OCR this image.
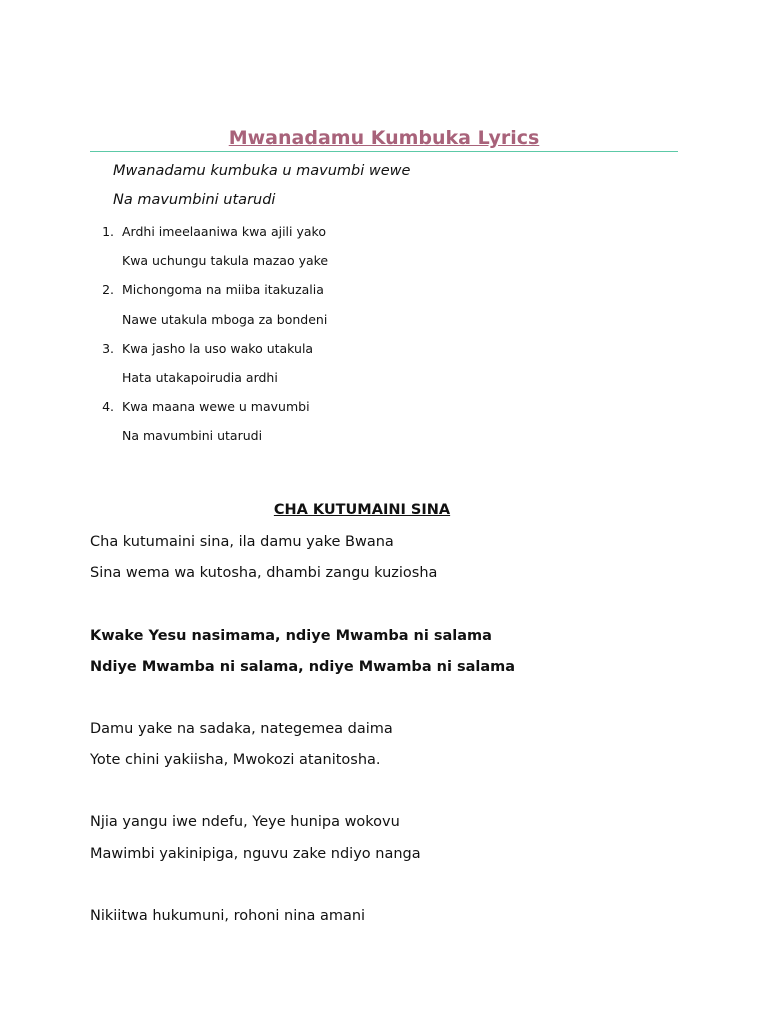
Mwanadamu Kumbuka Lyrics

Mwanadamu kumbuka u mavumbi wewe

Na mavumbini utarudi

1. Ardhi imeelaaniwa kwa ajili yako
Kwa uchungu takula mazao yake
2. Michongoma na miiba itakuzalia
Nawe utakula mboga za bondeni
3. Kwa jasho la uso wako utakula
Hata utakapoirudia ardhi
4. Kwa maana wewe u mavumbi
Na mavumbini utarudi
CHA KUTUMAINI SINA

Cha kutumaini sina, ila damu yake Bwana

Sina wema wa kutosha, dhambi zangu kuziosha

Kwake Yesu nasimama, ndiye Mwamba ni salama

Ndiye Mwamba ni salama, ndiye Mwamba ni salama

Damu yake na sadaka, nategemea daima

Yote chini yakiisha, Mwokozi atanitosha.

Njia yangu iwe ndefu, Yeye hunipa wokovu

Mawimbi yakinipiga, nguvu zake ndiyo nanga

Nikiitwa hukumuni, rohoni nina amani
